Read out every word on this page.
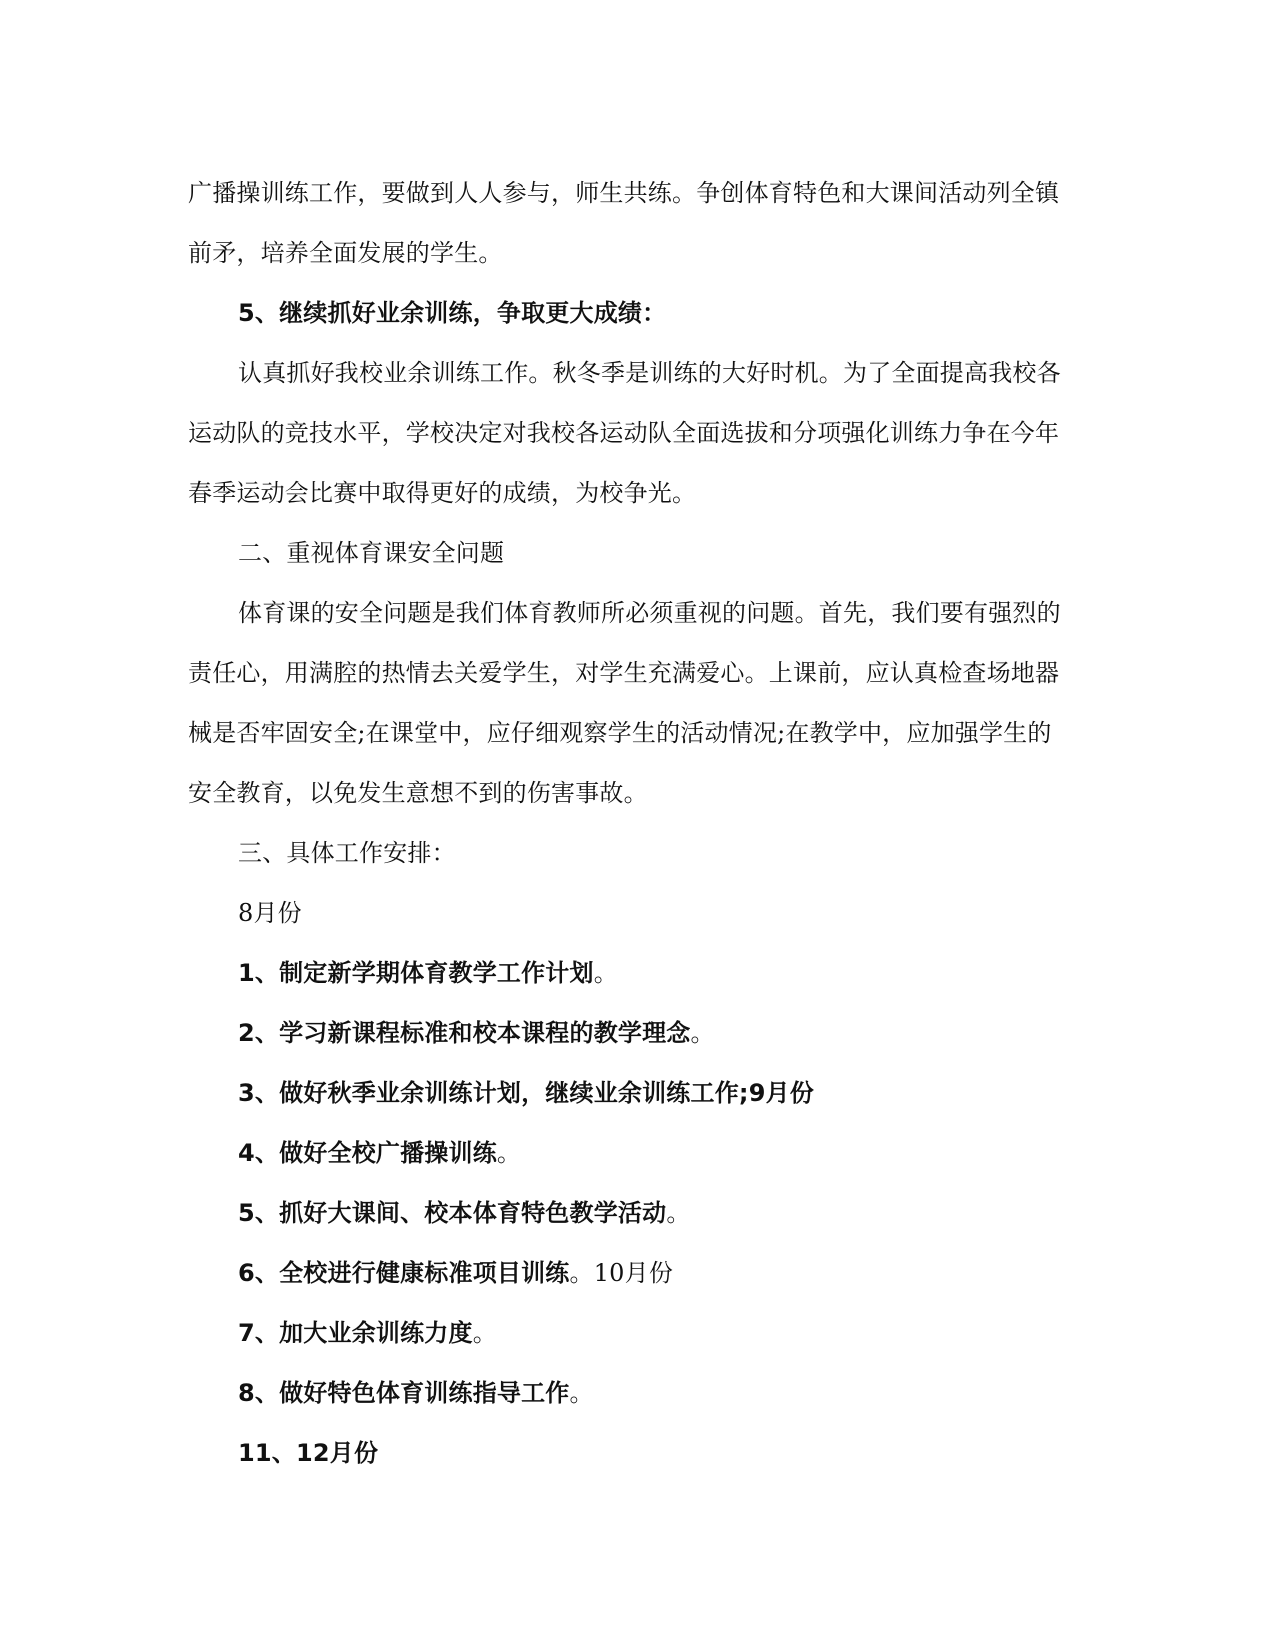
广播操训练工作，要做到人人参与，师生共练。争创体育特色和大课间活动列全镇

前矛，培养全面发展的学生。

5、继续抓好业余训练，争取更大成绩：

认真抓好我校业余训练工作。秋冬季是训练的大好时机。为了全面提高我校各

运动队的竞技水平，学校决定对我校各运动队全面选拔和分项强化训练力争在今年

春季运动会比赛中取得更好的成绩，为校争光。

二、重视体育课安全问题

体育课的安全问题是我们体育教师所必须重视的问题。首先，我们要有强烈的

责任心，用满腔的热情去关爱学生，对学生充满爱心。上课前，应认真检查场地器

械是否牢固安全;在课堂中，应仔细观察学生的活动情况;在教学中，应加强学生的

安全教育，以免发生意想不到的伤害事故。

三、具体工作安排：

8月份

1、制定新学期体育教学工作计划。

2、学习新课程标准和校本课程的教学理念。

3、做好秋季业余训练计划，继续业余训练工作;9月份

4、做好全校广播操训练。

5、抓好大课间、校本体育特色教学活动。

6、全校进行健康标准项目训练。10月份

7、加大业余训练力度。

8、做好特色体育训练指导工作。

11、12月份
